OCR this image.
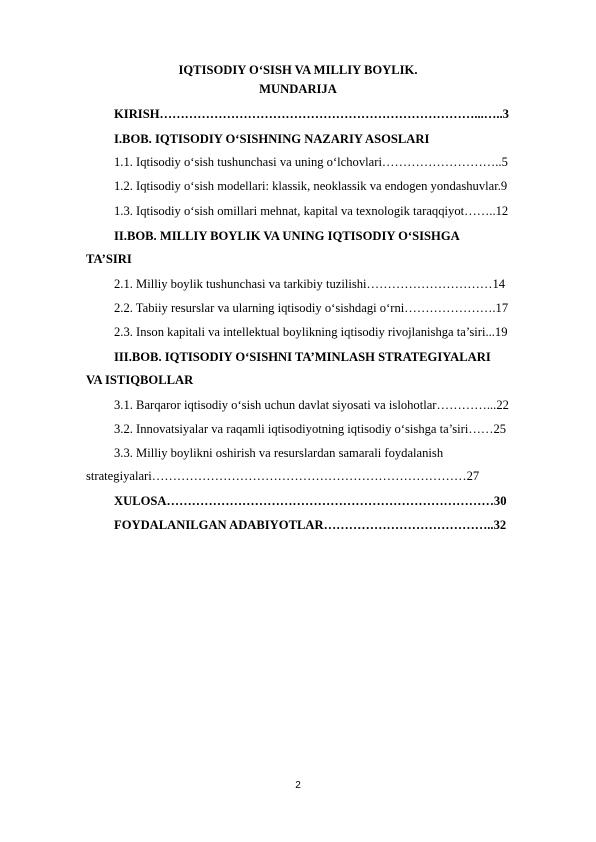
IQTISODIY O‘SISH VA MILLIY BOYLIK.
MUNDARIJA
KIRISH…………………………………………………………………...…..3
I.BOB. IQTISODIY O‘SISHNING NAZARIY ASOSLARI
1.1. Iqtisodiy o‘sish tushunchasi va uning o‘lchovlari………………………..5
1.2. Iqtisodiy o‘sish modellari: klassik, neoklassik va endogen yondashuvlar.9
1.3. Iqtisodiy o‘sish omillari mehnat, kapital va texnologik taraqqiyot……..12
II.BOB. MILLIY BOYLIK VA UNING IQTISODIY O‘SISHGA
TA’SIRI
2.1. Milliy boylik tushunchasi va tarkibiy tuzilishi…………………………14
2.2. Tabiiy resurslar va ularning iqtisodiy o‘sishdagi o‘rni………………….17
2.3. Inson kapitali va intellektual boylikning iqtisodiy rivojlanishga ta’siri...19
III.BOB. IQTISODIY O‘SISHNI TA’MINLASH STRATEGIYALARI
VA ISTIQBOLLAR
3.1. Barqaror iqtisodiy o‘sish uchun davlat siyosati va islohotlar…………...22
3.2. Innovatsiyalar va raqamli iqtisodiyotning iqtisodiy o‘sishga ta’siri……25
3.3. Milliy boylikni oshirish va resurslardan samarali foydalanish
strategiyalari…………………………………………………………………27
XULOSA……………………………………………………………………30
FOYDALANILGAN ADABIYOTLAR…………………………………..32
2
